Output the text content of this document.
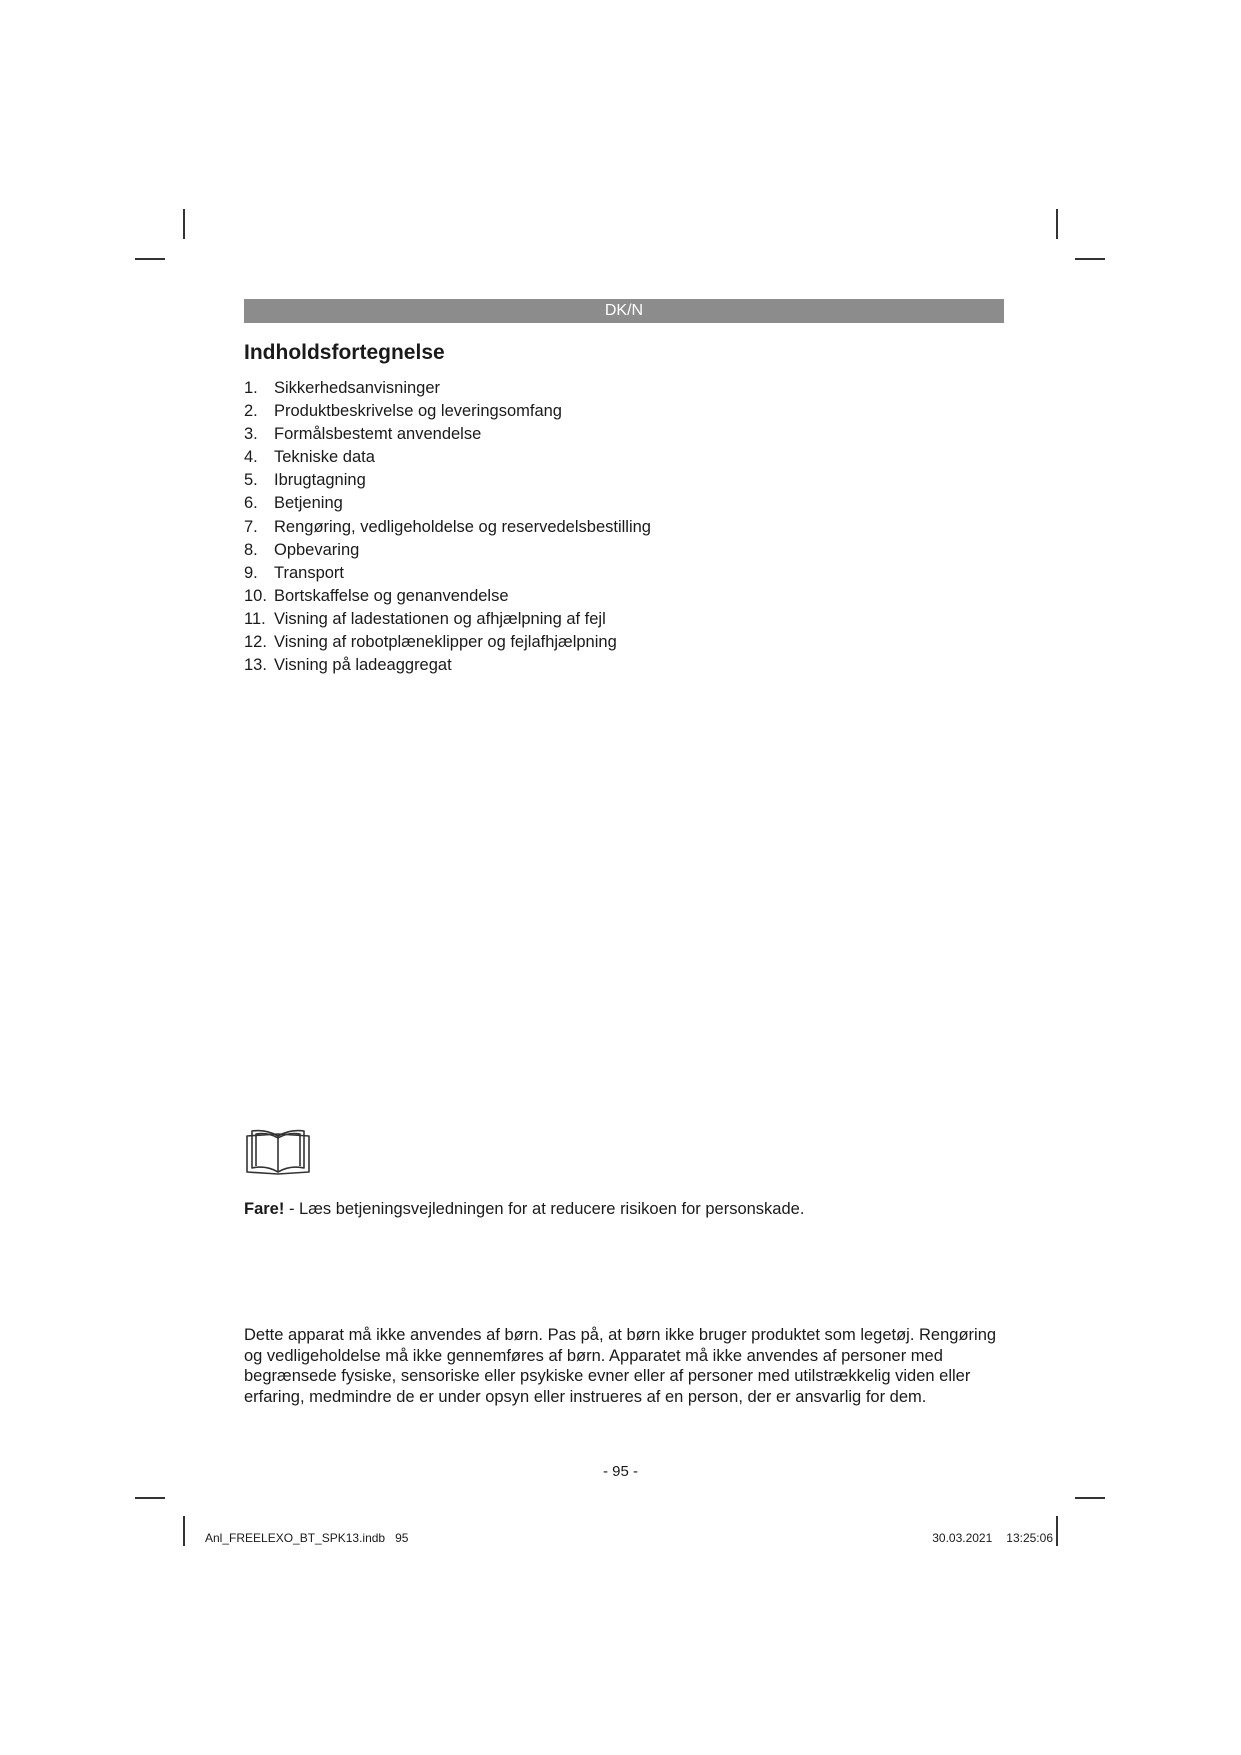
DK/N
Indholdsfortegnelse
1. Sikkerhedsanvisninger
2. Produktbeskrivelse og leveringsomfang
3. Formålsbestemt anvendelse
4. Tekniske data
5. Ibrugtagning
6. Betjening
7. Rengøring, vedligeholdelse og reservedelsbestilling
8. Opbevaring
9. Transport
10. Bortskaffelse og genanvendelse
11. Visning af ladestationen og afhjælpning af fejl
12. Visning af robotplæneklipper og fejlafhjælpning
13. Visning på ladeaggregat

Fare! - Læs betjeningsvejledningen for at reducere risikoen for personskade.

Dette apparat må ikke anvendes af børn. Pas på, at børn ikke bruger produktet som legetøj. Rengøring og vedligeholdelse må ikke gennemføres af børn. Apparatet må ikke anvendes af personer med begrænsede fysiske, sensoriske eller psykiske evner eller af personer med utilstrækkelig viden eller erfaring, medmindre de er under opsyn eller instrueres af en person, der er ansvarlig for dem.

- 95 -
Anl_FREELEXO_BT_SPK13.indb   95	30.03.2021 13:25:06
